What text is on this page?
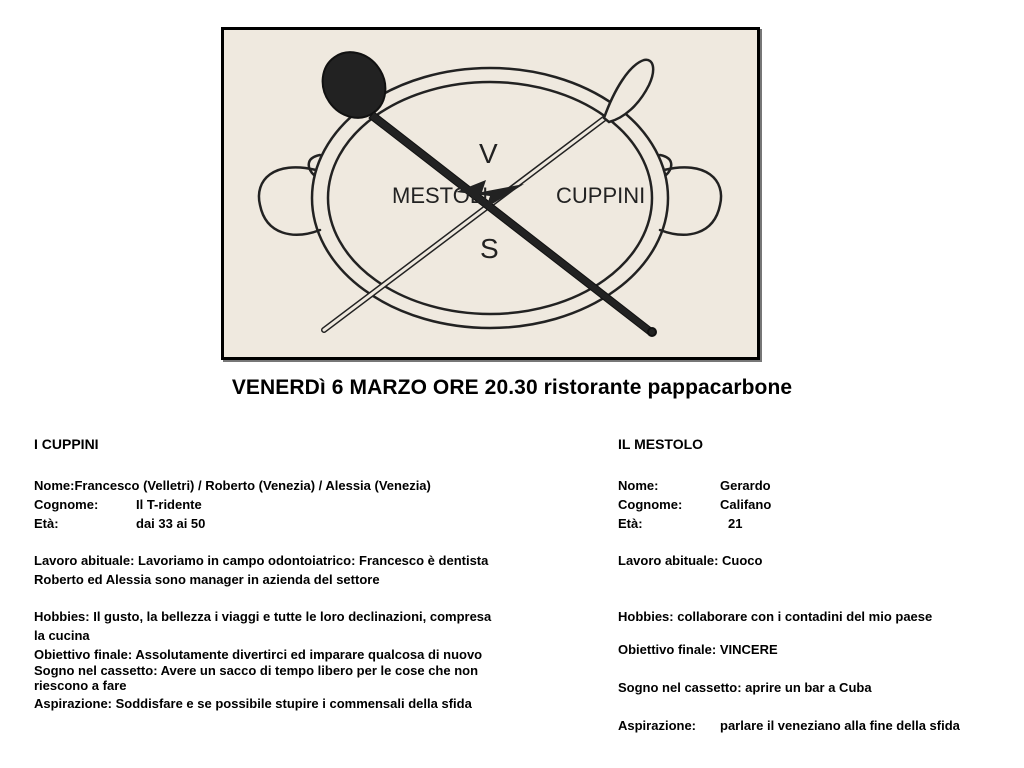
MESTOLI	CUPPINI
V
S
VENERDì 6 MARZO ORE 20.30 ristorante pappacarbone
I CUPPINI

Nome:Francesco (Velletri) / Roberto (Venezia) / Alessia (Venezia)

Cognome:	Il T-ridente
Età:	dai 33 ai 50

Lavoro abituale: Lavoriamo in campo odontoiatrico: Francesco è dentista

Roberto ed Alessia sono manager in azienda del settore

Hobbies: Il gusto, la bellezza i viaggi e tutte le loro declinazioni, compresa

la cucina

Obiettivo finale: Assolutamente divertirci ed imparare qualcosa di nuovo

Sogno nel cassetto: Avere un sacco di tempo libero per le cose che non

riescono a fare

Aspirazione: Soddisfare e se possibile stupire i commensali della sfida

IL MESTOLO
Nome:	Gerardo
Cognome:	Califano
Età:	21

Lavoro abituale: Cuoco

Hobbies: collaborare con i contadini del mio paese

Obiettivo finale: VINCERE

Sogno nel cassetto: aprire un bar a Cuba

Aspirazione:	parlare il veneziano alla fine della sfida
